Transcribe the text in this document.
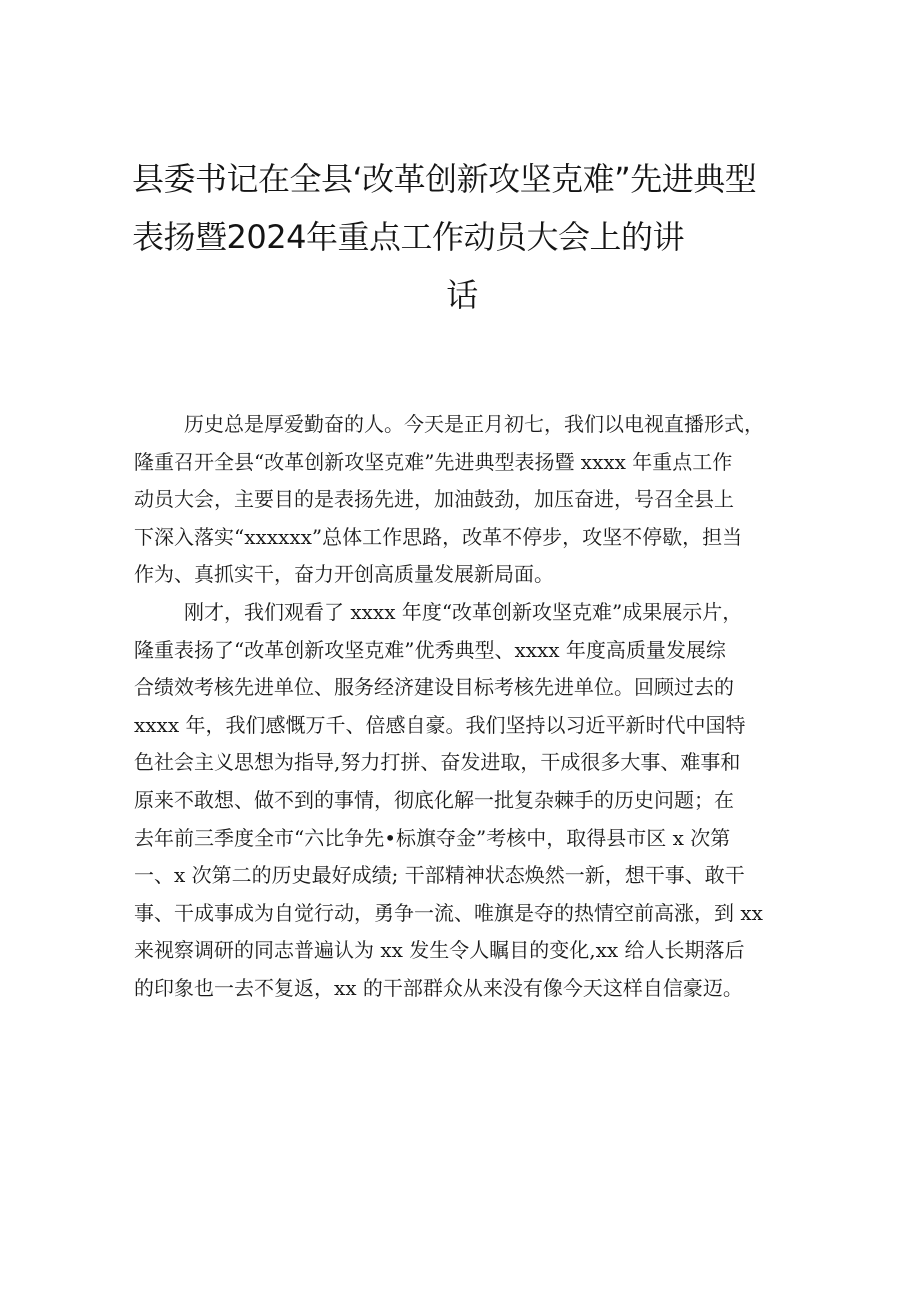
县委书记在全县‘改革创新攻坚克难”先进典型
表扬暨2024年重点工作动员大会上的讲
话
历史总是厚爱勤奋的人。今天是正月初七，我们以电视直播形式，
隆重召开全县“改革创新攻坚克难”先进典型表扬暨 xxxx 年重点工作
动员大会，主要目的是表扬先进，加油鼓劲，加压奋进，号召全县上
下深入落实“xxxxxx”总体工作思路，改革不停步，攻坚不停歇，担当
作为、真抓实干，奋力开创高质量发展新局面。
刚才，我们观看了 xxxx 年度“改革创新攻坚克难”成果展示片，
隆重表扬了“改革创新攻坚克难”优秀典型、xxxx 年度高质量发展综
合绩效考核先进单位、服务经济建设目标考核先进单位。回顾过去的
xxxx 年，我们感慨万千、倍感自豪。我们坚持以习近平新时代中国特
色社会主义思想为指导,努力打拼、奋发进取，干成很多大事、难事和
原来不敢想、做不到的事情，彻底化解一批复杂棘手的历史问题；在
去年前三季度全市“六比争先•标旗夺金”考核中，取得县市区 x 次第
一、x 次第二的历史最好成绩; 干部精神状态焕然一新，想干事、敢干
事、干成事成为自觉行动，勇争一流、唯旗是夺的热情空前高涨，到 xx
来视察调研的同志普遍认为 xx 发生令人瞩目的变化,xx 给人长期落后
的印象也一去不复返，xx 的干部群众从来没有像今天这样自信豪迈。
